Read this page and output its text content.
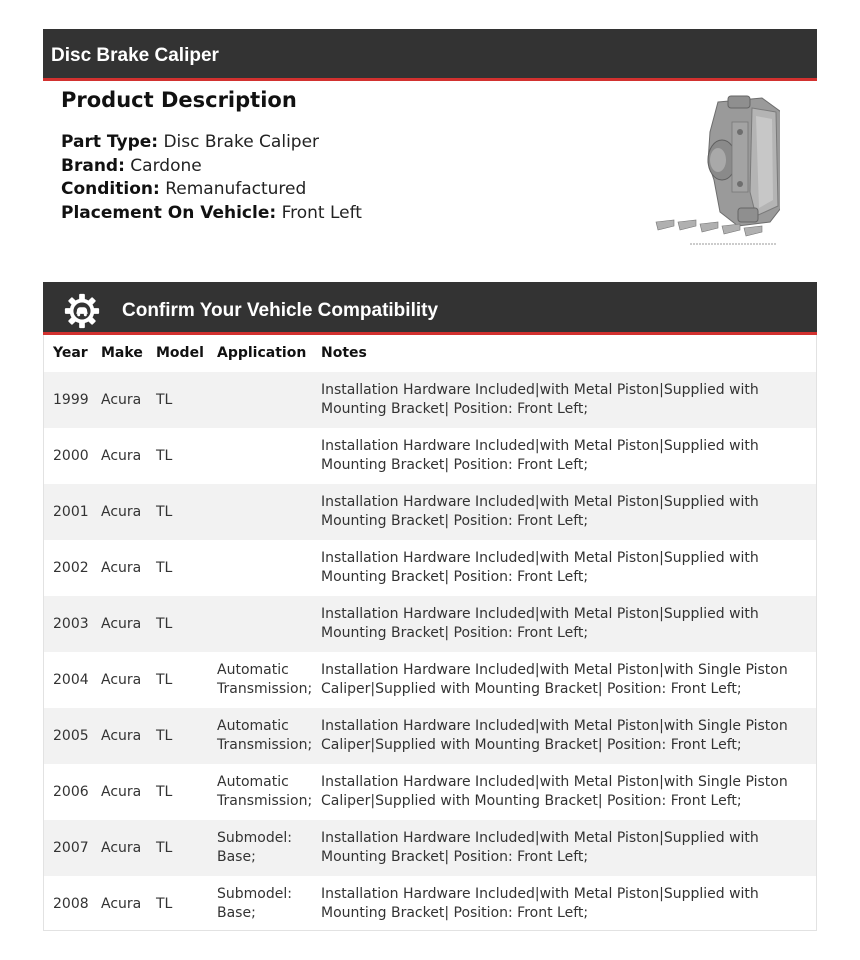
Disc Brake Caliper
Product Description
Part Type: Disc Brake Caliper
Brand: Cardone
Condition: Remanufactured
Placement On Vehicle: Front Left
Confirm Your Vehicle Compatibility
Year Make Model Application	Notes
1999 Acura TL
Installation Hardware Included|with Metal Piston|Supplied with Mounting Bracket| Position: Front Left;
2000 Acura TL
Installation Hardware Included|with Metal Piston|Supplied with Mounting Bracket| Position: Front Left;
2001 Acura TL
Installation Hardware Included|with Metal Piston|Supplied with Mounting Bracket| Position: Front Left;
2002 Acura TL
Installation Hardware Included|with Metal Piston|Supplied with Mounting Bracket| Position: Front Left;
2003 Acura TL
Installation Hardware Included|with Metal Piston|Supplied with Mounting Bracket| Position: Front Left;
2004 Acura TL
Automatic Transmission;
Installation Hardware Included|with Metal Piston|with Single Piston Caliper|Supplied with Mounting Bracket| Position: Front Left;
2005 Acura TL
Automatic Transmission;
Installation Hardware Included|with Metal Piston|with Single Piston Caliper|Supplied with Mounting Bracket| Position: Front Left;
2006 Acura TL
Automatic Transmission;
Installation Hardware Included|with Metal Piston|with Single Piston Caliper|Supplied with Mounting Bracket| Position: Front Left;
2007 Acura TL
Submodel: Base;
Installation Hardware Included|with Metal Piston|Supplied with Mounting Bracket| Position: Front Left;
2008 Acura TL
Submodel: Base;
Installation Hardware Included|with Metal Piston|Supplied with Mounting Bracket| Position: Front Left;
